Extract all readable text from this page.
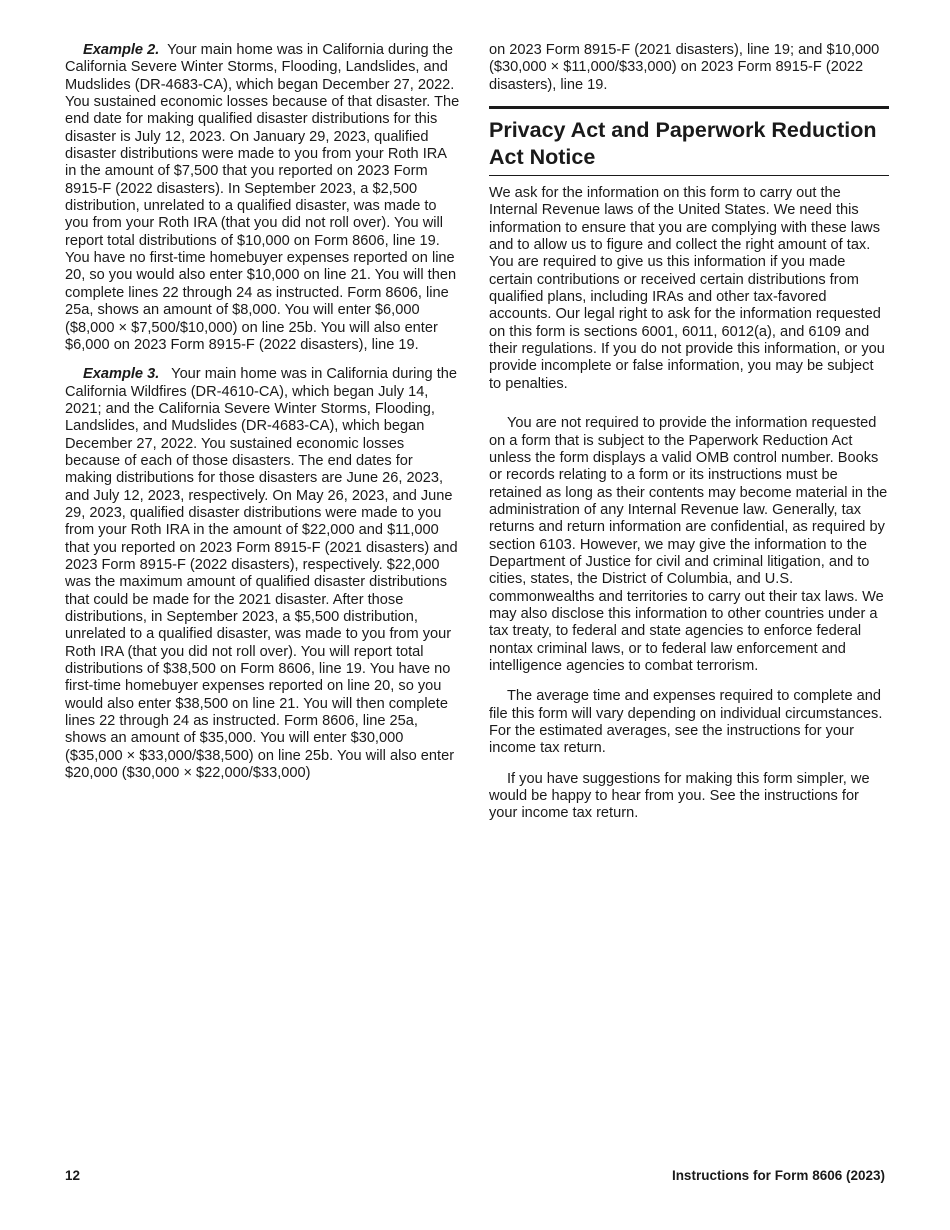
Example 2. Your main home was in California during the California Severe Winter Storms, Flooding, Landslides, and Mudslides (DR-4683-CA), which began December 27, 2022. You sustained economic losses because of that disaster. The end date for making qualified disaster distributions for this disaster is July 12, 2023. On January 29, 2023, qualified disaster distributions were made to you from your Roth IRA in the amount of $7,500 that you reported on 2023 Form 8915-F (2022 disasters). In September 2023, a $2,500 distribution, unrelated to a qualified disaster, was made to you from your Roth IRA (that you did not roll over). You will report total distributions of $10,000 on Form 8606, line 19. You have no first-time homebuyer expenses reported on line 20, so you would also enter $10,000 on line 21. You will then complete lines 22 through 24 as instructed. Form 8606, line 25a, shows an amount of $8,000. You will enter $6,000 ($8,000 × $7,500/$10,000) on line 25b. You will also enter $6,000 on 2023 Form 8915-F (2022 disasters), line 19.

Example 3. Your main home was in California during the California Wildfires (DR-4610-CA), which began July 14, 2021; and the California Severe Winter Storms, Flooding, Landslides, and Mudslides (DR-4683-CA), which began December 27, 2022. You sustained economic losses because of each of those disasters. The end dates for making distributions for those disasters are June 26, 2023, and July 12, 2023, respectively. On May 26, 2023, and June 29, 2023, qualified disaster distributions were made to you from your Roth IRA in the amount of $22,000 and $11,000 that you reported on 2023 Form 8915-F (2021 disasters) and 2023 Form 8915-F (2022 disasters), respectively. $22,000 was the maximum amount of qualified disaster distributions that could be made for the 2021 disaster. After those distributions, in September 2023, a $5,500 distribution, unrelated to a qualified disaster, was made to you from your Roth IRA (that you did not roll over). You will report total distributions of $38,500 on Form 8606, line 19. You have no first-time homebuyer expenses reported on line 20, so you would also enter $38,500 on line 21. You will then complete lines 22 through 24 as instructed. Form 8606, line 25a, shows an amount of $35,000. You will enter $30,000 ($35,000 × $33,000/$38,500) on line 25b. You will also enter $20,000 ($30,000 × $22,000/$33,000)

on 2023 Form 8915-F (2021 disasters), line 19; and $10,000 ($30,000 × $11,000/$33,000) on 2023 Form 8915-F (2022 disasters), line 19.

Privacy Act and Paperwork Reduction Act Notice

We ask for the information on this form to carry out the Internal Revenue laws of the United States. We need this information to ensure that you are complying with these laws and to allow us to figure and collect the right amount of tax. You are required to give us this information if you made certain contributions or received certain distributions from qualified plans, including IRAs and other tax-favored accounts. Our legal right to ask for the information requested on this form is sections 6001, 6011, 6012(a), and 6109 and their regulations. If you do not provide this information, or you provide incomplete or false information, you may be subject to penalties.

You are not required to provide the information requested on a form that is subject to the Paperwork Reduction Act unless the form displays a valid OMB control number. Books or records relating to a form or its instructions must be retained as long as their contents may become material in the administration of any Internal Revenue law. Generally, tax returns and return information are confidential, as required by section 6103. However, we may give the information to the Department of Justice for civil and criminal litigation, and to cities, states, the District of Columbia, and U.S. commonwealths and territories to carry out their tax laws. We may also disclose this information to other countries under a tax treaty, to federal and state agencies to enforce federal nontax criminal laws, or to federal law enforcement and intelligence agencies to combat terrorism.

The average time and expenses required to complete and file this form will vary depending on individual circumstances. For the estimated averages, see the instructions for your income tax return.

If you have suggestions for making this form simpler, we would be happy to hear from you. See the instructions for your income tax return.

12	Instructions for Form 8606 (2023)
